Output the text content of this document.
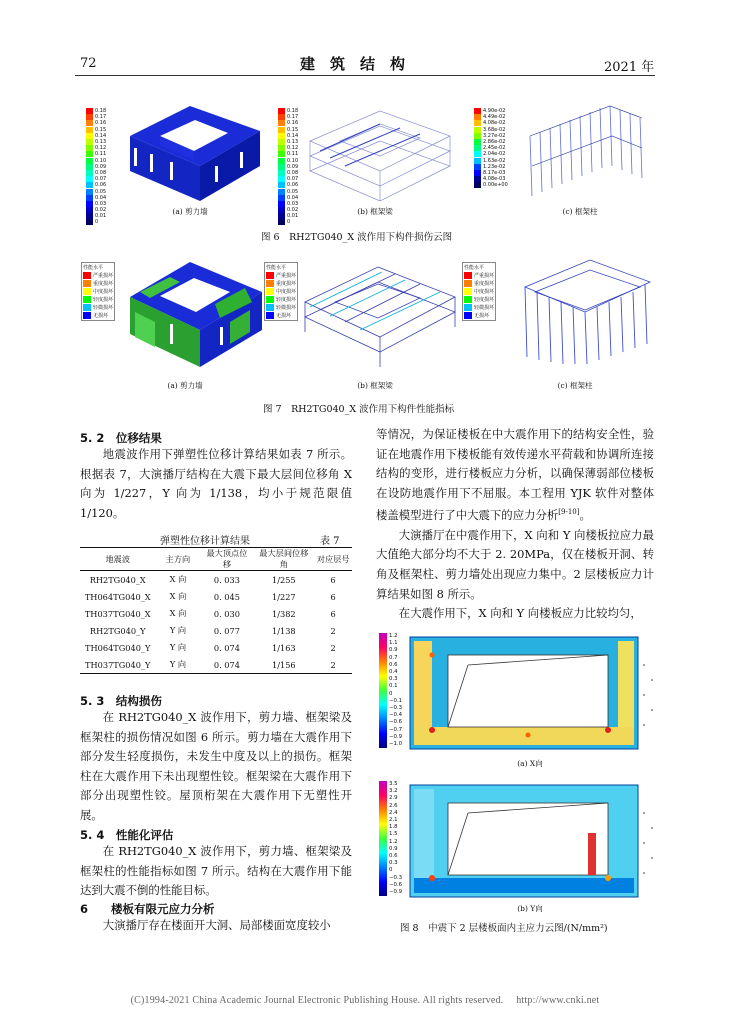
72	建　筑　结　构	2021 年
0.18
0.17
0.16
0.15
0.14
0.13
0.12
0.11
0.10
0.09
0.08
0.07
0.06
0.05
0.04
0.03
0.02
0.01
0
(a) 剪力墙
0.18
0.17
0.16
0.15
0.14
0.13
0.12
0.11
0.10
0.09
0.08
0.07
0.06
0.05
0.04
0.03
0.02
0.01
0
(b) 框架梁
4.90e-02
4.49e-02
4.08e-02
3.68e-02
3.27e-02
2.86e-02
2.45e-02
2.04e-02
1.63e-02
1.23e-02
8.17e-03
4.08e-03
0.00e+00
(c) 框架柱
图 6　RH2TG040_X 波作用下构件损伤云图
性能水平
严重损坏
重度损坏
中度损坏
轻度损坏
轻微损坏
无损坏
(a) 剪力墙
性能水平
严重损坏
重度损坏
中度损坏
轻度损坏
轻微损坏
无损坏
(b) 框架梁
性能水平
严重损坏
重度损坏
中度损坏
轻度损坏
轻微损坏
无损坏
(c) 框架柱
图 7　RH2TG040_X 波作用下构件性能指标
5. 2　位移结果

地震波作用下弹塑性位移计算结果如表 7 所示。根据表 7，大演播厅结构在大震下最大层间位移角 X 向为 1/227，Y 向为 1/138，均小于规范限值 1/120。

弹塑性位移计算结果	表 7
地震波	主方向	最大顶点位移	最大层间位移角	对应层号
RH2TG040_X	X 向	0. 033	1/255	6
TH064TG040_X	X 向	0. 045	1/227	6
TH037TG040_X	X 向	0. 030	1/382	6
RH2TG040_Y	Y 向	0. 077	1/138	2
TH064TG040_Y	Y 向	0. 074	1/163	2
TH037TG040_Y	Y 向	0. 074	1/156	2
5. 3　结构损伤

在 RH2TG040_X 波作用下，剪力墙、框架梁及框架柱的损伤情况如图 6 所示。剪力墙在大震作用下部分发生轻度损伤，未发生中度及以上的损伤。框架柱在大震作用下未出现塑性铰。框架梁在大震作用下部分出现塑性铰。屋顶桁架在大震作用下无塑性开展。

5. 4　性能化评估

在 RH2TG040_X 波作用下，剪力墙、框架梁及框架柱的性能指标如图 7 所示。结构在大震作用下能达到大震不倒的性能目标。

6　　楼板有限元应力分析

大演播厅存在楼面开大洞、局部楼面宽度较小

等情况，为保证楼板在中大震作用下的结构安全性，验证在地震作用下楼板能有效传递水平荷载和协调所连接结构的变形，进行楼板应力分析，以确保薄弱部位楼板在设防地震作用下不屈服。本工程用 YJK 软件对整体楼盖模型进行了中大震下的应力分析[9-10]。

大演播厅在中震作用下，X 向和 Y 向楼板拉应力最大值绝大部分均不大于 2. 20MPa，仅在楼板开洞、转角及框架柱、剪力墙处出现应力集中。2 层楼板应力计算结果如图 8 所示。

在大震作用下，X 向和 Y 向楼板应力比较均匀，

1.2
1.1
0.9
0.7
0.6
0.4
0.3
0.1
0
−0.1
−0.3
−0.4
−0.6
−0.7
−0.9
−1.0
(a) X向
3.5
3.2
2.9
2.6
2.4
2.1
1.8
1.5
1.2
0.9
0.6
0.3
0
−0.3
−0.6
−0.9
(b) Y向
图 8　中震下 2 层楼板面内主应力云图/(N/mm²)
(C)1994-2021 China Academic Journal Electronic Publishing House. All rights reserved.　 http://www.cnki.net
